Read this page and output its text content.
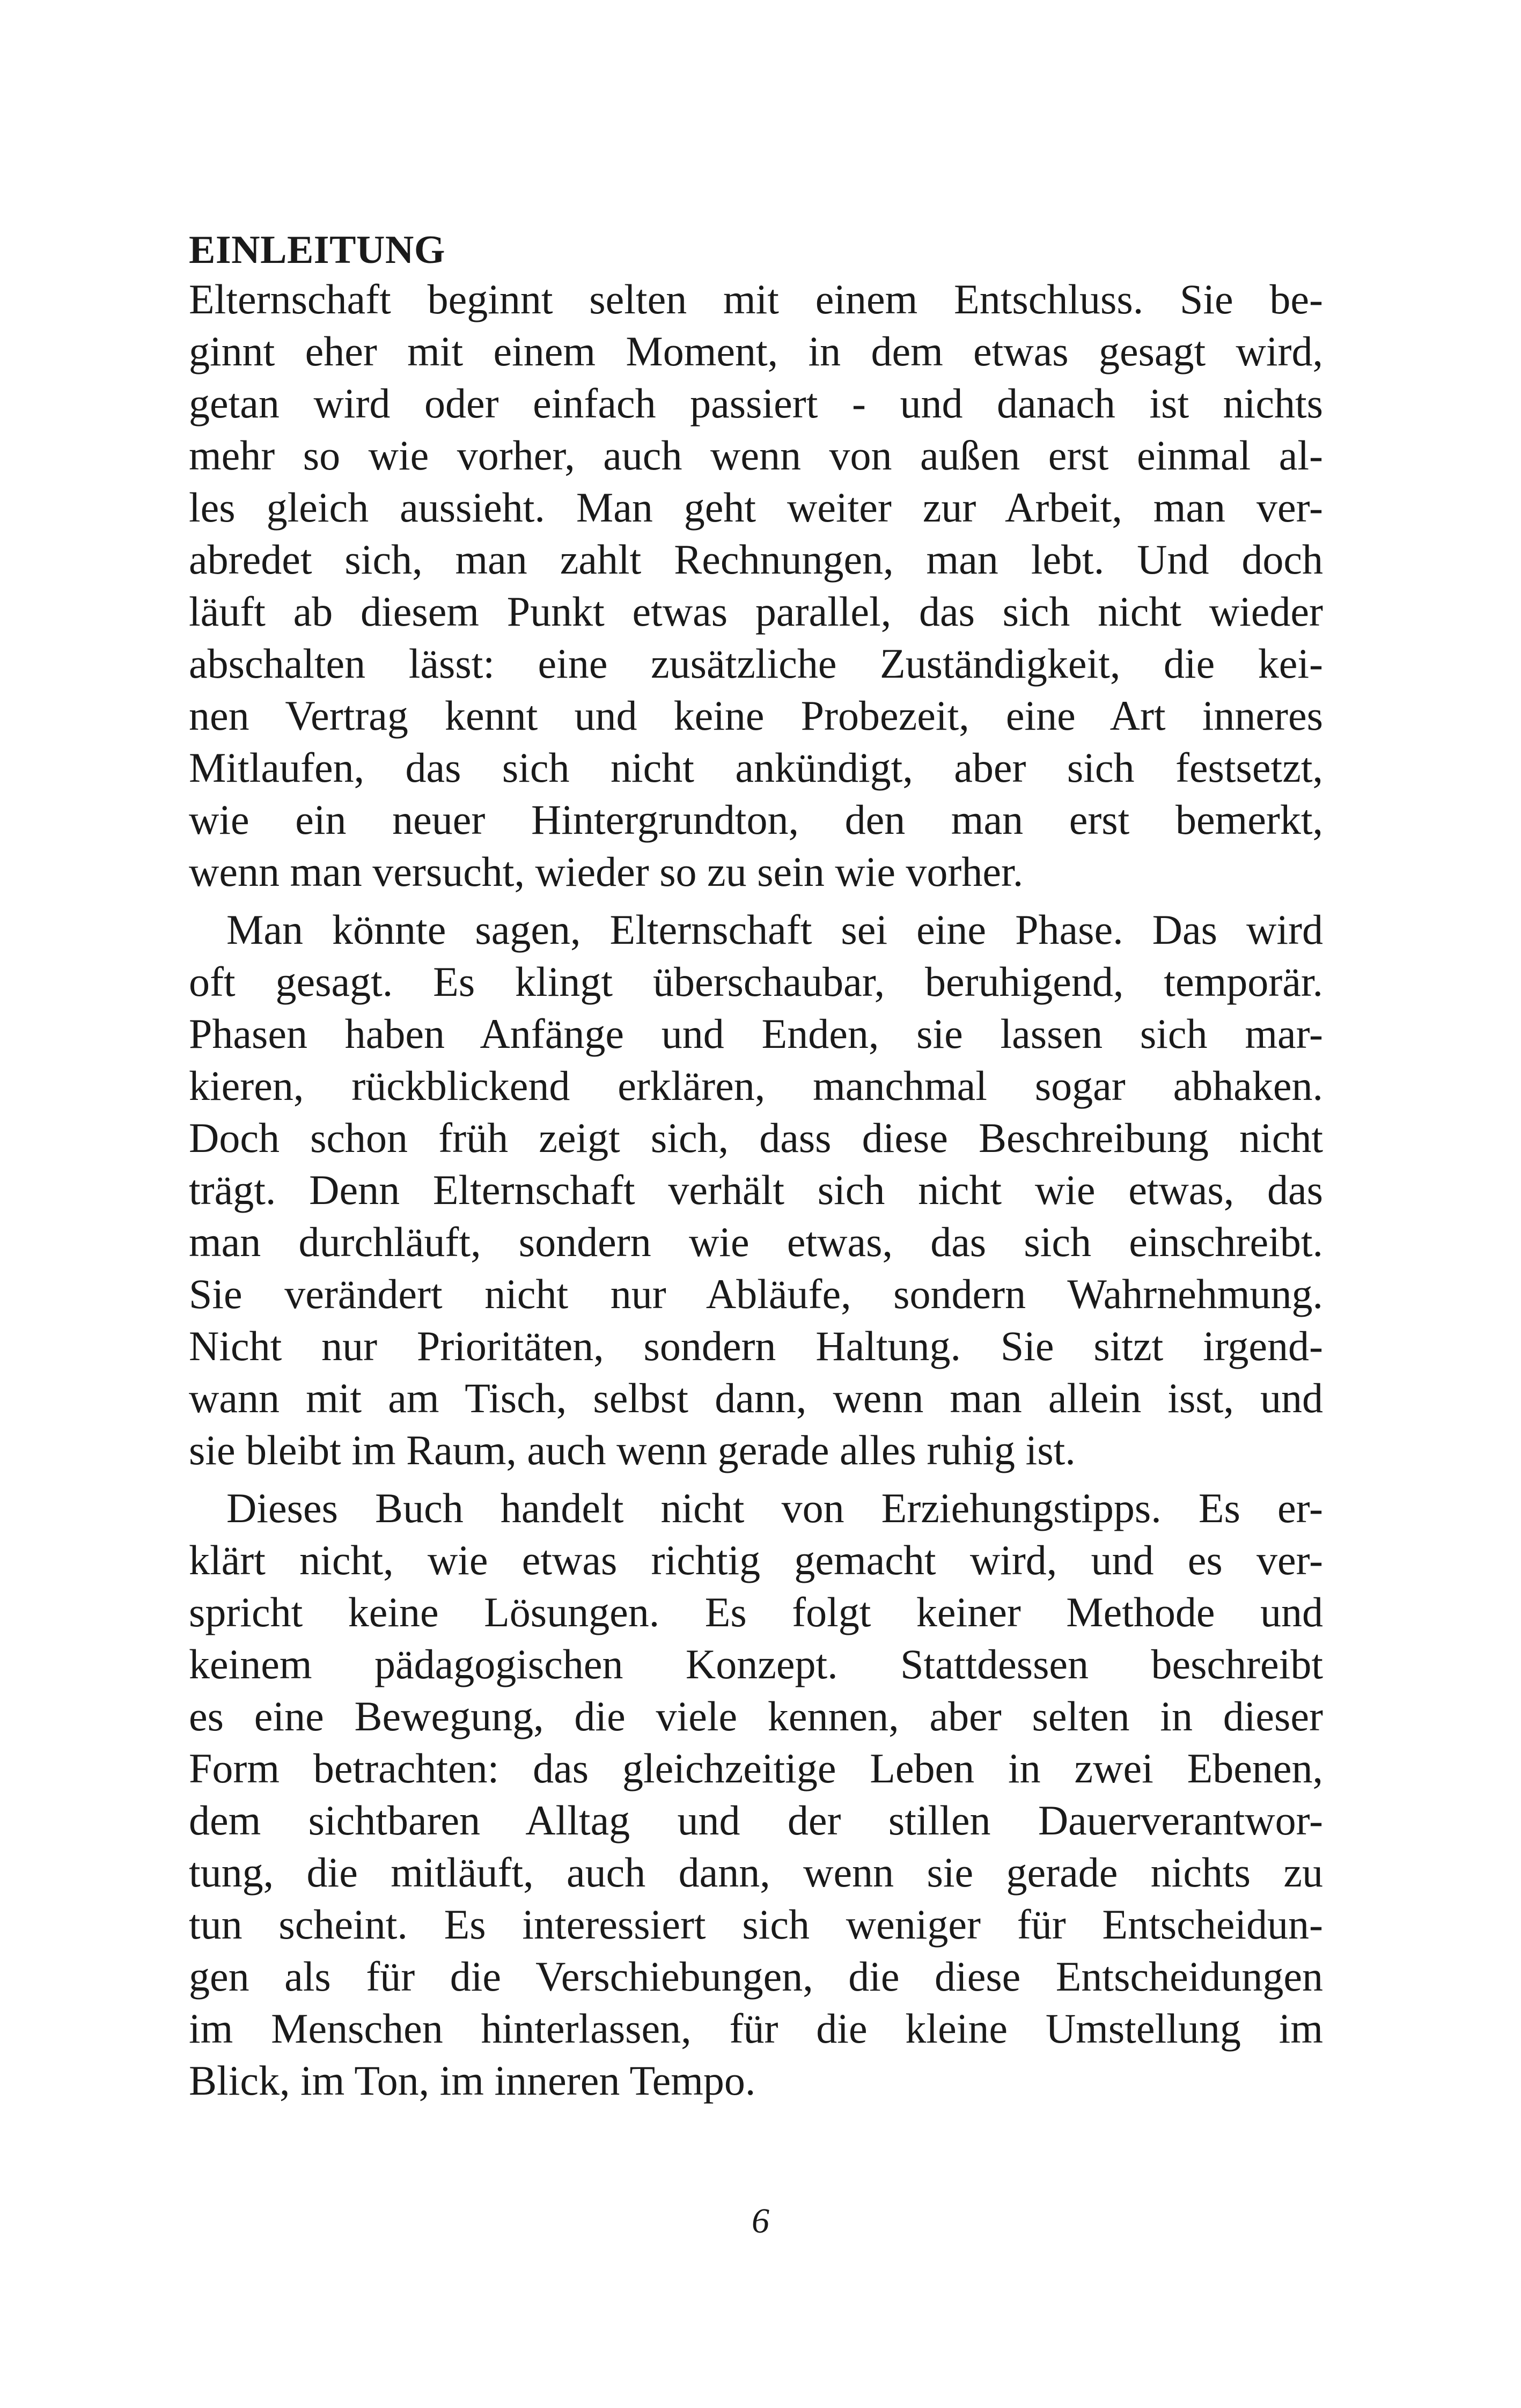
EINLEITUNG
Elternschaft beginnt selten mit einem Entschluss. Sie be-
ginnt eher mit einem Moment, in dem etwas gesagt wird,
getan wird oder einfach passiert - und danach ist nichts
mehr so wie vorher, auch wenn von außen erst einmal al-
les gleich aussieht. Man geht weiter zur Arbeit, man ver-
abredet sich, man zahlt Rechnungen, man lebt. Und doch
läuft ab diesem Punkt etwas parallel, das sich nicht wieder
abschalten lässt: eine zusätzliche Zuständigkeit, die kei-
nen Vertrag kennt und keine Probezeit, eine Art inneres
Mitlaufen, das sich nicht ankündigt, aber sich festsetzt,
wie ein neuer Hintergrundton, den man erst bemerkt,
wenn man versucht, wieder so zu sein wie vorher.
Man könnte sagen, Elternschaft sei eine Phase. Das wird
oft gesagt. Es klingt überschaubar, beruhigend, temporär.
Phasen haben Anfänge und Enden, sie lassen sich mar-
kieren, rückblickend erklären, manchmal sogar abhaken.
Doch schon früh zeigt sich, dass diese Beschreibung nicht
trägt. Denn Elternschaft verhält sich nicht wie etwas, das
man durchläuft, sondern wie etwas, das sich einschreibt.
Sie verändert nicht nur Abläufe, sondern Wahrnehmung.
Nicht nur Prioritäten, sondern Haltung. Sie sitzt irgend-
wann mit am Tisch, selbst dann, wenn man allein isst, und
sie bleibt im Raum, auch wenn gerade alles ruhig ist.
Dieses Buch handelt nicht von Erziehungstipps. Es er-
klärt nicht, wie etwas richtig gemacht wird, und es ver-
spricht keine Lösungen. Es folgt keiner Methode und
keinem pädagogischen Konzept. Stattdessen beschreibt
es eine Bewegung, die viele kennen, aber selten in dieser
Form betrachten: das gleichzeitige Leben in zwei Ebenen,
dem sichtbaren Alltag und der stillen Dauerverantwor-
tung, die mitläuft, auch dann, wenn sie gerade nichts zu
tun scheint. Es interessiert sich weniger für Entscheidun-
gen als für die Verschiebungen, die diese Entscheidungen
im Menschen hinterlassen, für die kleine Umstellung im
Blick, im Ton, im inneren Tempo.
6
